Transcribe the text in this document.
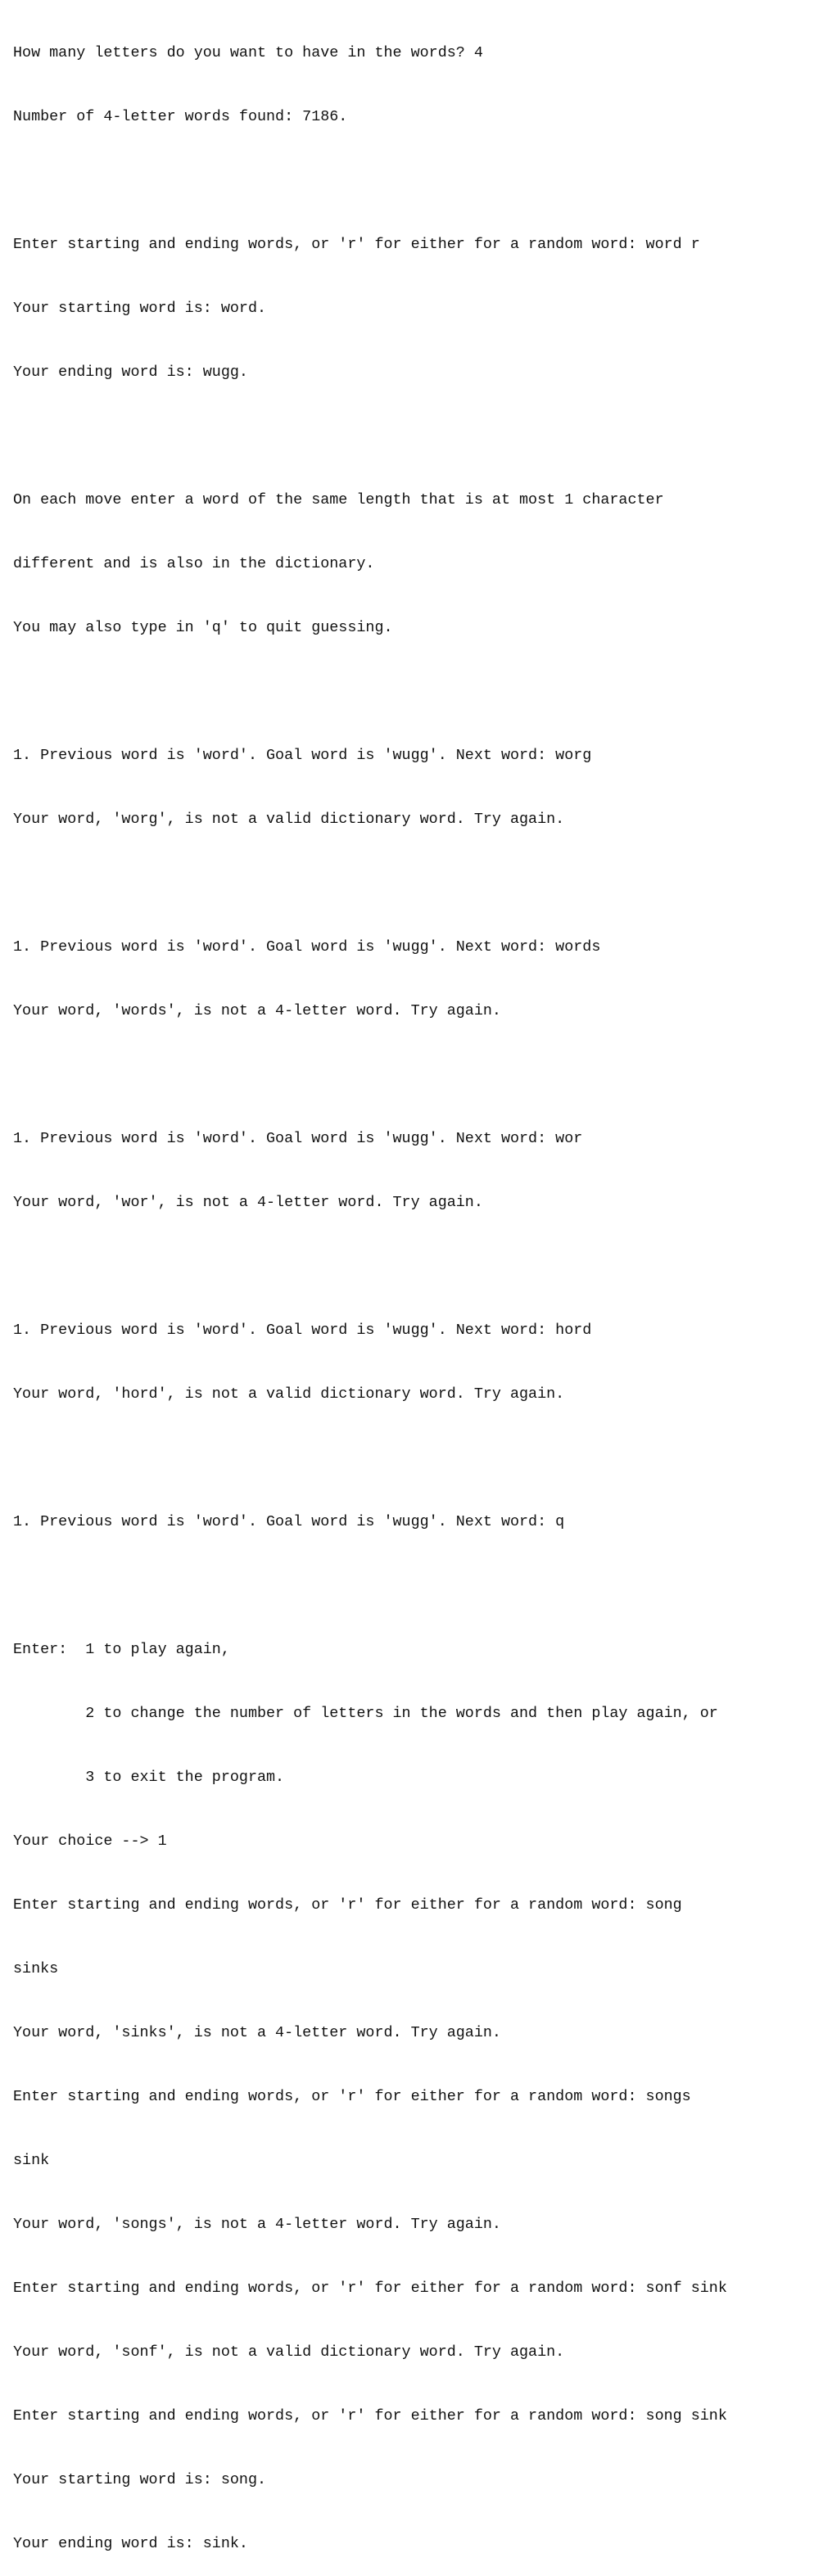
How many letters do you want to have in the words? 4

Number of 4-letter words found: 7186.

Enter starting and ending words, or 'r' for either for a random word: word r

Your starting word is: word.

Your ending word is: wugg.

On each move enter a word of the same length that is at most 1 character

different and is also in the dictionary.

You may also type in 'q' to quit guessing.

1. Previous word is 'word'. Goal word is 'wugg'. Next word: worg

Your word, 'worg', is not a valid dictionary word. Try again.

1. Previous word is 'word'. Goal word is 'wugg'. Next word: words

Your word, 'words', is not a 4-letter word. Try again.

1. Previous word is 'word'. Goal word is 'wugg'. Next word: wor

Your word, 'wor', is not a 4-letter word. Try again.

1. Previous word is 'word'. Goal word is 'wugg'. Next word: hord

Your word, 'hord', is not a valid dictionary word. Try again.

1. Previous word is 'word'. Goal word is 'wugg'. Next word: q

Enter:  1 to play again,

2 to change the number of letters in the words and then play again, or

3 to exit the program.

Your choice --> 1

Enter starting and ending words, or 'r' for either for a random word: song

sinks

Your word, 'sinks', is not a 4-letter word. Try again.

Enter starting and ending words, or 'r' for either for a random word: songs

sink

Your word, 'songs', is not a 4-letter word. Try again.

Enter starting and ending words, or 'r' for either for a random word: sonf sink

Your word, 'sonf', is not a valid dictionary word. Try again.

Enter starting and ending words, or 'r' for either for a random word: song sink

Your starting word is: song.

Your ending word is: sink.
